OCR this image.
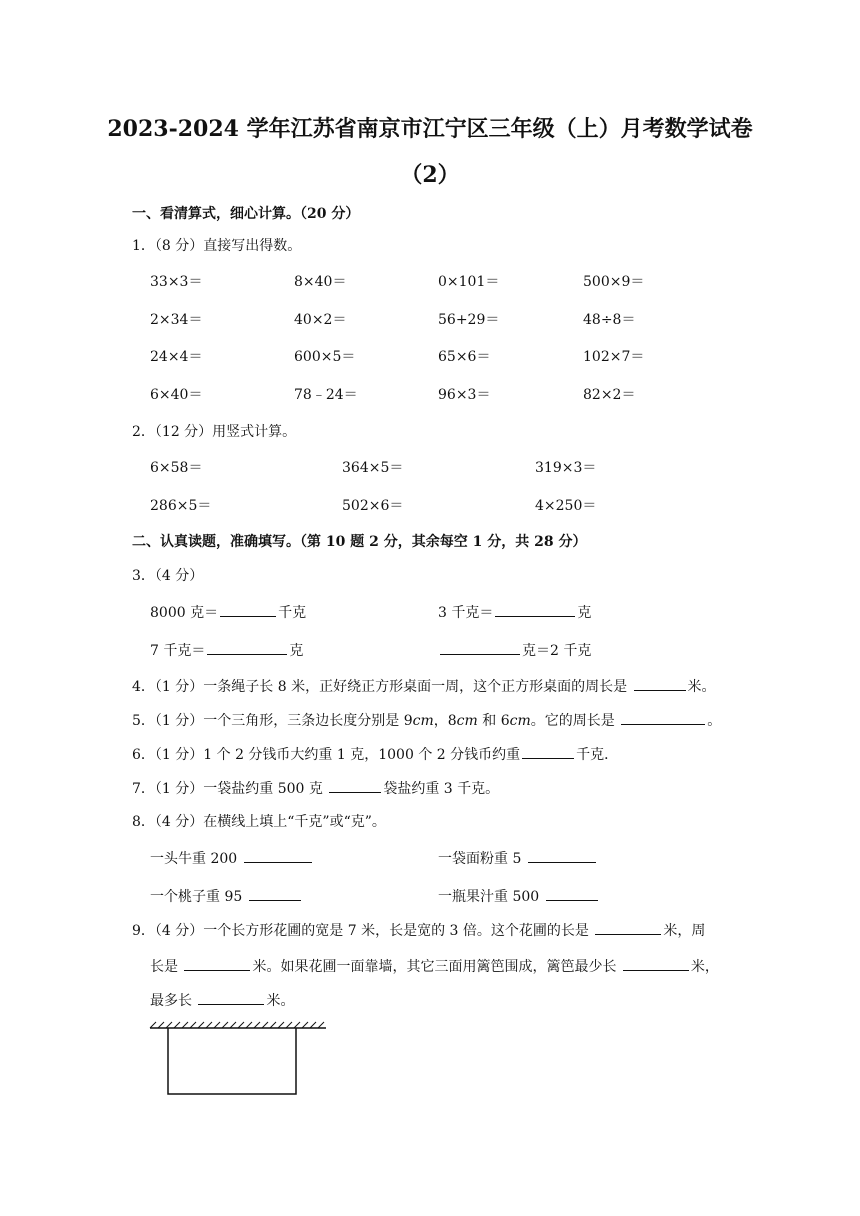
2023-2024 学年江苏省南京市江宁区三年级（上）月考数学试卷
（2）
一、看清算式，细心计算。（20 分）
1．（8 分）直接写出得数。
33×3＝	8×40＝	0×101＝	500×9＝
2×34＝	40×2＝	56+29＝	48÷8＝
24×4＝	600×5＝	65×6＝	102×7＝
6×40＝	78﹣24＝	96×3＝	82×2＝
2．（12 分）用竖式计算。
6×58＝	364×5＝	319×3＝
286×5＝	502×6＝	4×250＝
二、认真读题，准确填写。（第 10 题 2 分，其余每空 1 分，共 28 分）
3．（4 分）
8000 克＝	千克	3 千克＝	克
7 千克＝	克	克＝2 千克
4．（1 分）一条绳子长 8 米，正好绕正方形桌面一周，这个正方形桌面的周长是	米。
5．（1 分）一个三角形，三条边长度分别是 9cm，8cm 和 6cm。它的周长是	。
6．（1 分）1 个 2 分钱币大约重 1 克，1000 个 2 分钱币约重	千克．
7．（1 分）一袋盐约重 500 克	袋盐约重 3 千克。
8．（4 分）在横线上填上“千克”或“克”。
一头牛重 200	一袋面粉重 5
一个桃子重 95	一瓶果汁重 500
9．（4 分）一个长方形花圃的宽是 7 米，长是宽的 3 倍。这个花圃的长是	米，周
长是	米。如果花圃一面靠墙，其它三面用篱笆围成，篱笆最少长	米，
最多长	米。
